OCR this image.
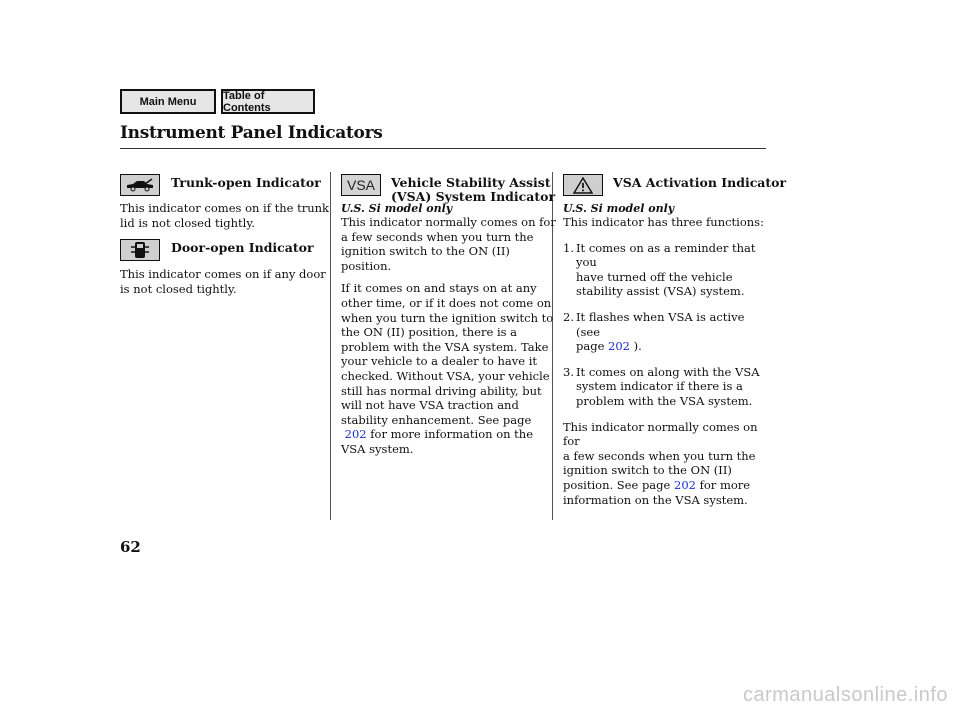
Main Menu	Table of Contents
Instrument Panel Indicators
Trunk-open Indicator

This indicator comes on if the trunk

lid is not closed tightly.

Door-open Indicator

This indicator comes on if any door

is not closed tightly.

VSA Vehicle Stability Assist
(VSA) System Indicator
U.S. Si model only

This indicator normally comes on for

a few seconds when you turn the

ignition switch to the ON (II)

position.

If it comes on and stays on at any

other time, or if it does not come on

when you turn the ignition switch to

the ON (II) position, there is a

problem with the VSA system. Take

your vehicle to a dealer to have it

checked. Without VSA, your vehicle

still has normal driving ability, but

will not have VSA traction and

stability enhancement. See page

202 for more information on the

VSA system.

VSA Activation Indicator
U.S. Si model only

This indicator has three functions:

1. It comes on as a reminder that you

have turned off the vehicle

stability assist (VSA) system.

2. It flashes when VSA is active (see

page 202 ).

3. It comes on along with the VSA

system indicator if there is a

problem with the VSA system.

This indicator normally comes on for

a few seconds when you turn the

ignition switch to the ON (II)

position. See page 202 for more

information on the VSA system.

62
carmanualsonline.info
